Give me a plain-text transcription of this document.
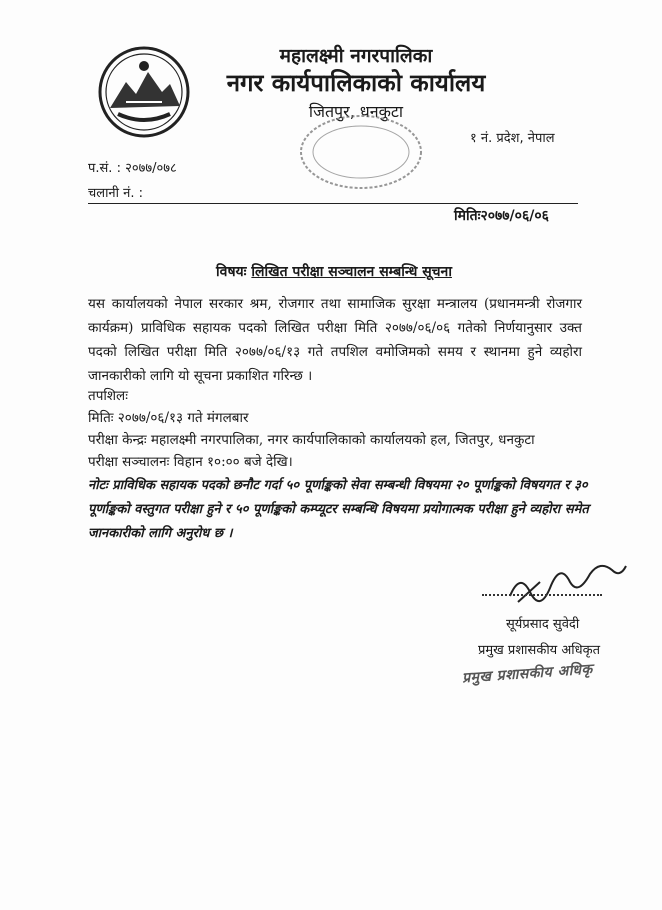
महालक्ष्मी नगरपालिका
नगर कार्यपालिकाको कार्यालय
जितपुर, धनकुटा
१ नं. प्रदेश, नेपाल
प.सं. : २०७७/०७८
चलानी नं. :
मितिः२०७७/०६/०६
विषयः लिखित परीक्षा सञ्चालन सम्बन्धि सूचना
यस कार्यालयको नेपाल सरकार श्रम, रोजगार तथा सामाजिक सुरक्षा मन्त्रालय (प्रधानमन्त्री रोजगार कार्यक्रम) प्राविधिक सहायक पदको लिखित परीक्षा मिति २०७७/०६/०६ गतेको निर्णयानुसार उक्त पदको लिखित परीक्षा मिति २०७७/०६/१३ गते तपशिल वमोजिमको समय र स्थानमा हुने व्यहोरा जानकारीको लागि यो सूचना प्रकाशित गरिन्छ ।
तपशिलः
मितिः २०७७/०६/१३ गते मंगलबार
परीक्षा केन्द्रः महालक्ष्मी नगरपालिका, नगर कार्यपालिकाको कार्यालयको हल, जितपुर, धनकुटा
परीक्षा सञ्चालनः विहान १०:०० बजे देखि।
नोटः प्राविधिक सहायक पदको छनौट गर्दा ५० पूर्णाङ्कको सेवा सम्बन्धी विषयमा २० पूर्णाङ्कको विषयगत र ३० पूर्णाङ्कको वस्तुगत परीक्षा हुने र ५० पूर्णाङ्कको कम्प्यूटर सम्बन्धि विषयमा प्रयोगात्मक परीक्षा हुने व्यहोरा समेत जानकारीको लागि अनुरोध छ ।
सूर्यप्रसाद सुवेदी
प्रमुख प्रशासकीय अधिकृत
प्रमुख प्रशासकीय अधिकृ
